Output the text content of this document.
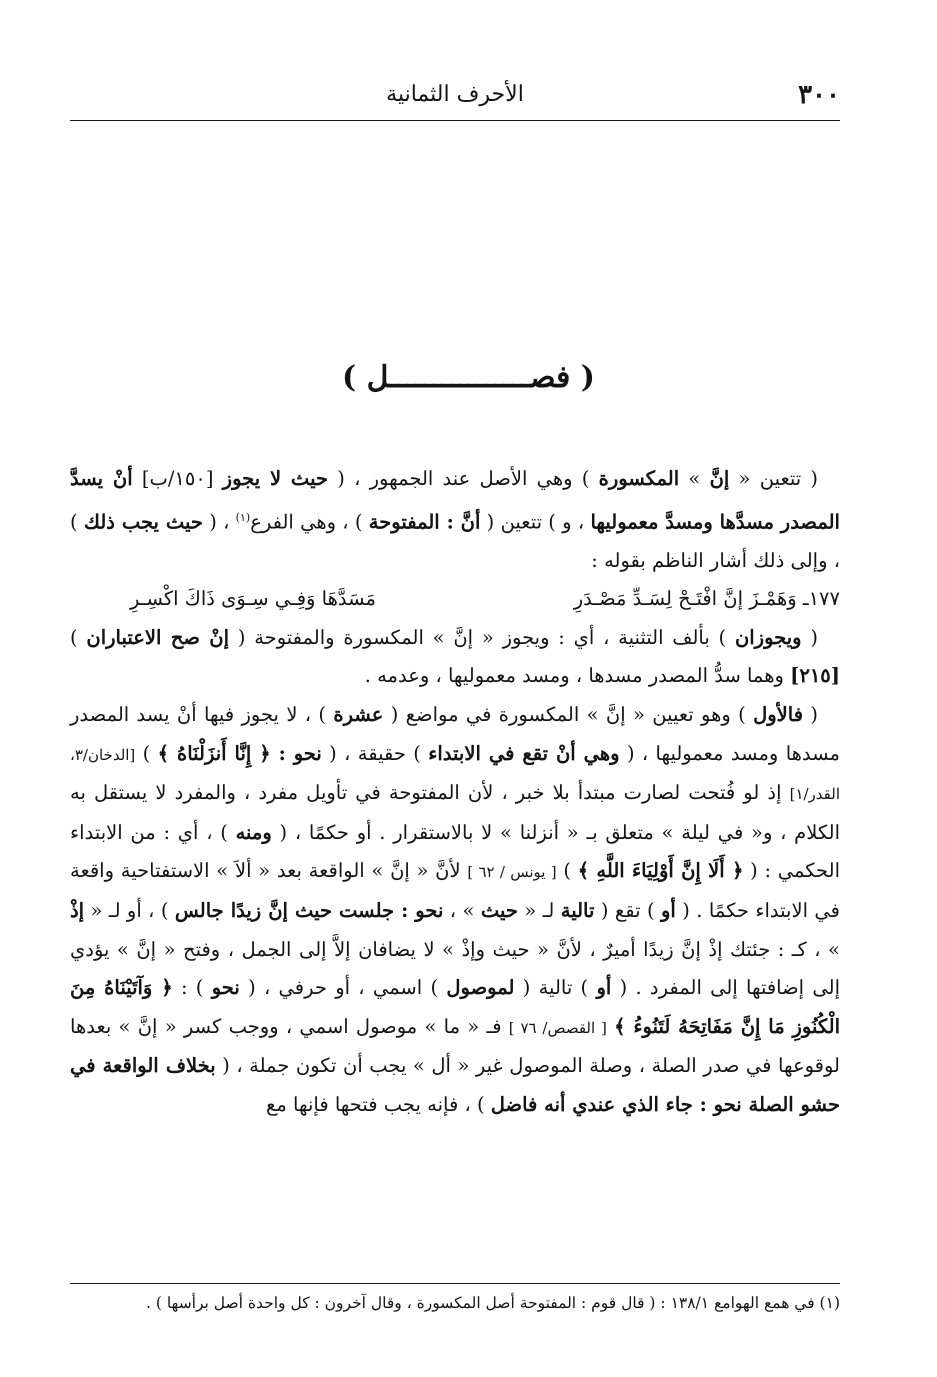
٣٠٠
الأحرف الثمانية
( فصــــــــــــــــل )

( تتعين « إنَّ » المكسورة ) وهي الأصل عند الجمهور ، ( حيث لا يجوز [١٥٠/ب] أنْ يسدَّ المصدر مسدَّها ومسدَّ معموليها ، و ) تتعين ( أنَّ : المفتوحة ) ، وهي الفرع$^{(١)}$ ، ( حيث يجب ذلك ) ، وإلى ذلك أشار الناظم بقوله :

١٧٧ـ وَهَمْـزَ إنَّ افْتَـحْ لِسَـدِّ مَصْـدَرِ
مَسَدَّهَا وَفِـي سِـوَى ذَاكَ اكْسِـرِ

( ويجوزان ) بألف التثنية ، أي : ويجوز « إنَّ » المكسورة والمفتوحة ( إنْ صح الاعتباران ) [٢١٥] وهما سدُّ المصدر مسدها ، ومسد معموليها ، وعدمه .

( فالأول ) وهو تعيين « إنَّ » المكسورة في مواضع ( عشرة ) ، لا يجوز فيها أنْ يسد المصدر مسدها ومسد معموليها ، ( وهي أنْ تقع في الابتداء ) حقيقة ، ( نحو : ﴿ إِنَّا أَنزَلْنَاهُ ﴾ ) [الدخان/٣، القدر/١] إذ لو فُتحت لصارت مبتدأ بلا خبر ، لأن المفتوحة في تأويل مفرد ، والمفرد لا يستقل به الكلام ، و« في ليلة » متعلق بـ « أنزلنا » لا بالاستقرار . أو حكمًا ، ( ومنه ) ، أي : من الابتداء الحكمي : ( ﴿ أَلَا إِنَّ أَوْلِيَاءَ اللَّهِ ﴾ ) [ يونس / ٦٢ ] لأنَّ « إنَّ » الواقعة بعد « ألاَ » الاستفتاحية واقعة في الابتداء حكمًا . ( أو ) تقع ( تالية لـ « حيث » ، نحو : جلست حيث إنَّ زيدًا جالس ) ، أو لـ « إذْ » ، كـ : جئتك إذْ إنَّ زيدًا أميرٌ ، لأنَّ « حيث وإذْ » لا يضافان إلاَّ إلى الجمل ، وفتح « إنَّ » يؤدي إلى إضافتها إلى المفرد . ( أو ) تالية ( لموصول ) اسمي ، أو حرفي ، ( نحو ) : ﴿ وَآتَيْنَاهُ مِنَ الْكُنُوزِ مَا إِنَّ مَفَاتِحَهُ لَتَنُوءُ ﴾ [ القصص/ ٧٦ ] فـ « ما » موصول اسمي ، ووجب كسر « إنَّ » بعدها لوقوعها في صدر الصلة ، وصلة الموصول غير « أل » يجب أن تكون جملة ، ( بخلاف الواقعة في حشو الصلة نحو : جاء الذي عندي أنه فاضل ) ، فإنه يجب فتحها فإنها مع

(١) في همع الهوامع ١٣٨/١ : ( قال قوم : المفتوحة أصل المكسورة ، وقال آخرون : كل واحدة أصل برأسها ) .
